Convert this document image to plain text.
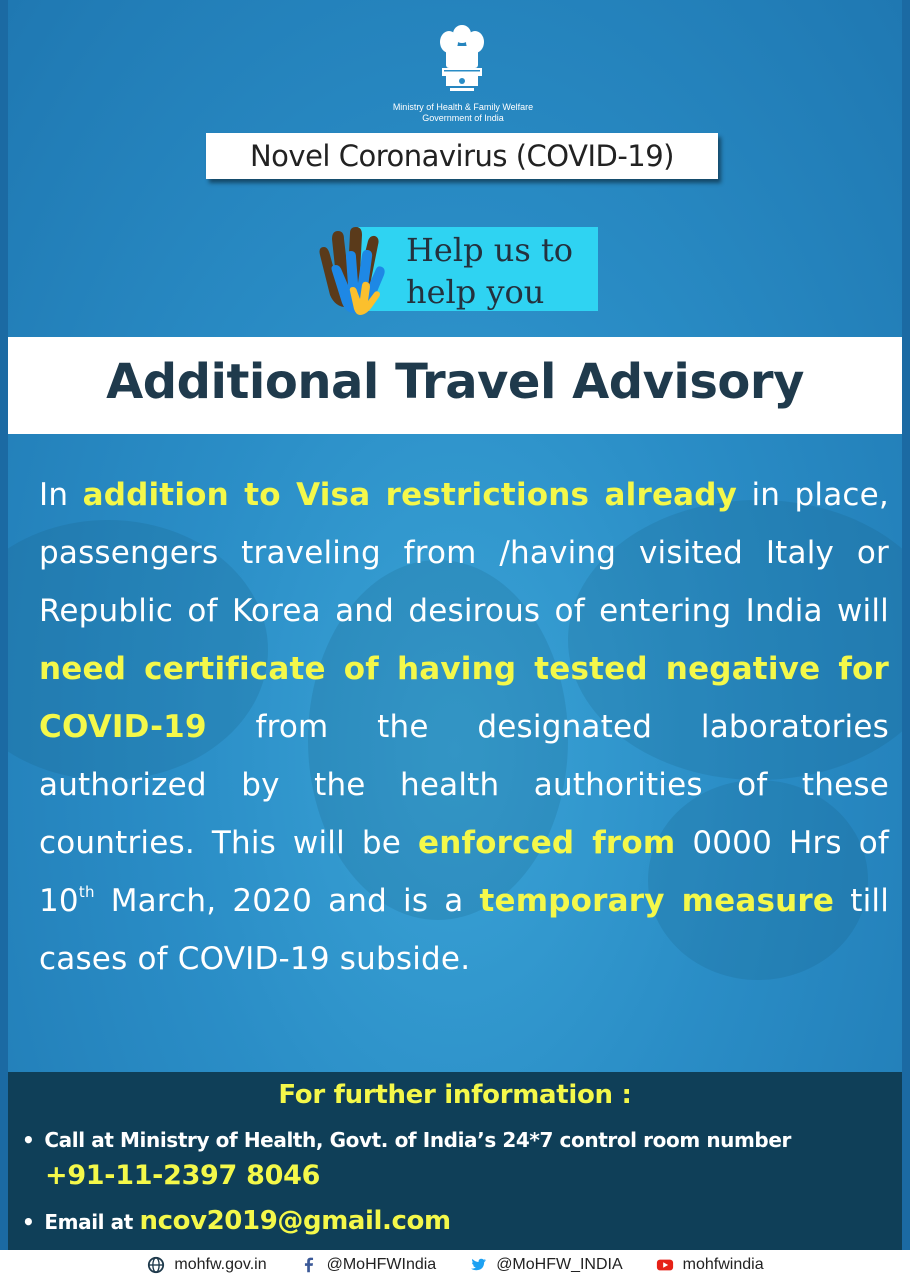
Ministry of Health & Family Welfare
Government of India
Novel Coronavirus (COVID-19)
Help us to
help you
In addition to Visa restrictions already in place, passengers traveling from /having visited Italy or Republic of Korea and desirous of entering India will need certificate of having tested negative for COVID-19 from the designated laboratories authorized by the health authorities of these countries. This will be enforced from 0000 Hrs of 10th March, 2020 and is a temporary measure till cases of COVID-19 subside.
Additional Travel Advisory
For further information :
• Call at Ministry of Health, Govt. of India’s 24*7 control room number
+91-11-2397 8046
• Email at ncov2019@gmail.com
mohfw.gov.in	@MoHFWIndia	@MoHFW_INDIA	mohfwindia
